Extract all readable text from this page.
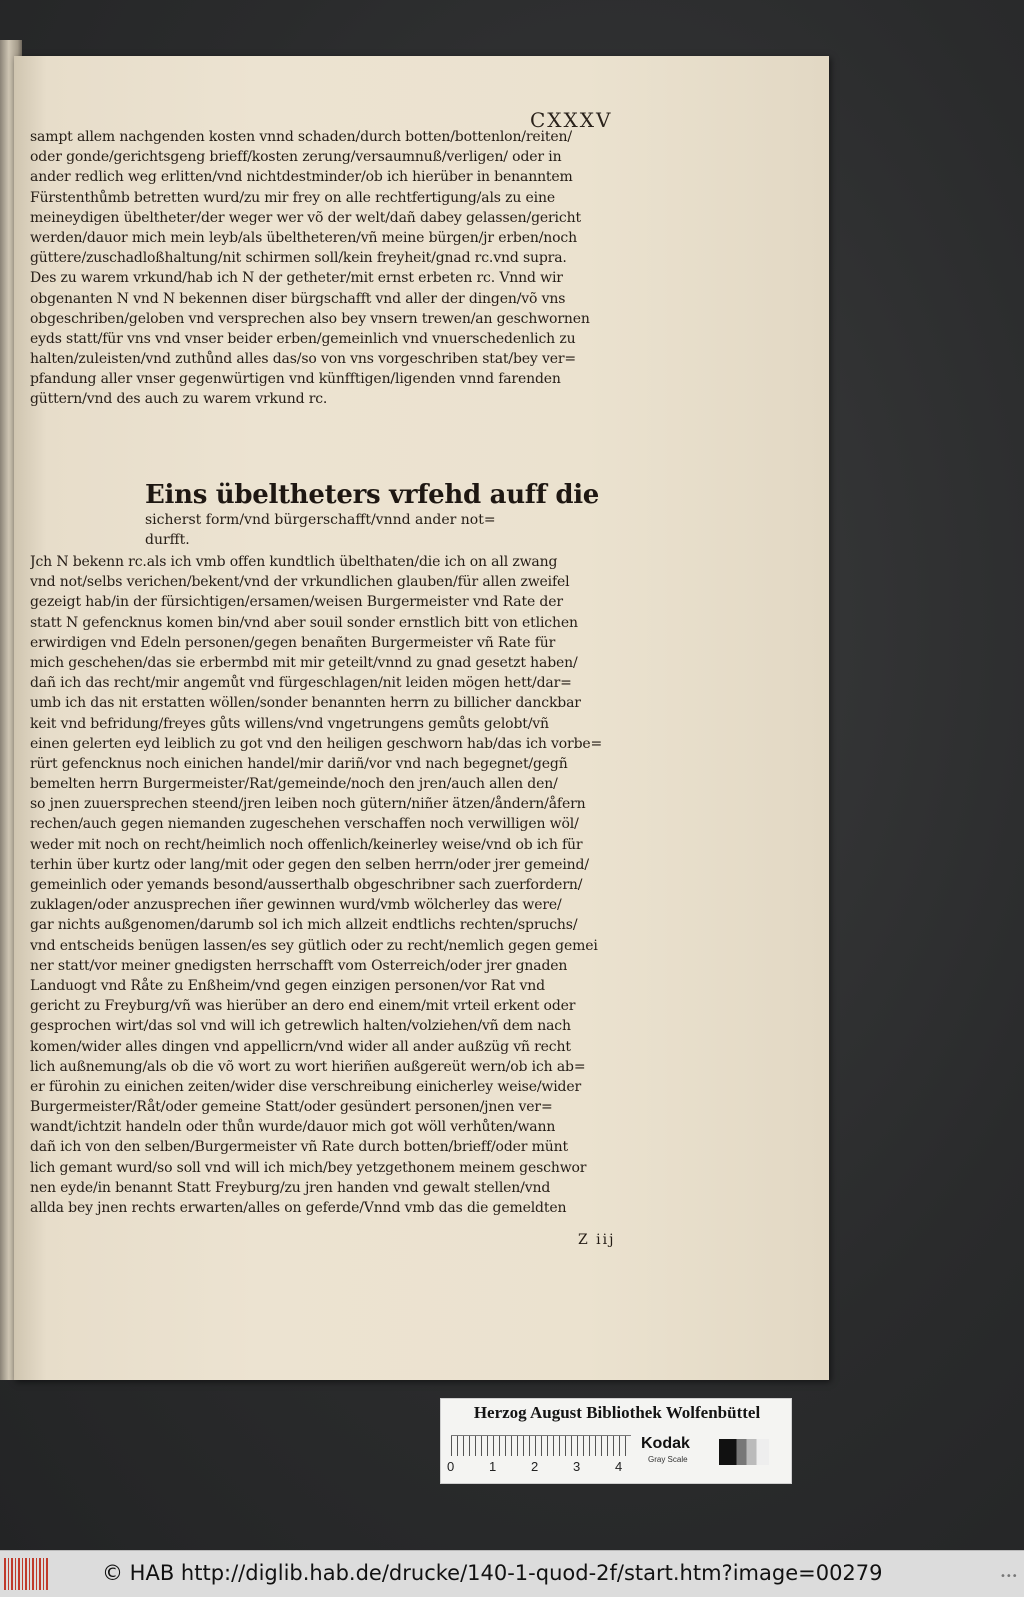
CXXXV
sampt allem nachgenden kosten vnnd schaden/durch botten/bottenlon/reiten/
oder gonde/gerichtsgeng brieff/kosten zerung/versaumnuß/verligen/ oder in
ander redlich weg erlitten/vnd nichtdestminder/ob ich hierüber in benanntem
Fürstenthůmb betretten wurd/zu mir frey on alle rechtfertigung/als zu eine
meineydigen übeltheter/der weger wer võ der welt/dañ dabey gelassen/gericht
werden/dauor mich mein leyb/als übeltheteren/vñ meine bürgen/jr erben/noch
güttere/zuschadloßhaltung/nit schirmen soll/kein freyheit/gnad rc.vnd supra.
Des zu warem vrkund/hab ich N der getheter/mit ernst erbeten rc. Vnnd wir
obgenanten N vnd N bekennen diser bürgschafft vnd aller der dingen/võ vns
obgeschriben/geloben vnd versprechen also bey vnsern trewen/an geschwornen
eyds statt/für vns vnd vnser beider erben/gemeinlich vnd vnuerschedenlich zu
halten/zuleisten/vnd zuthůnd alles das/so von vns vorgeschriben stat/bey ver=
pfandung aller vnser gegenwürtigen vnd künfftigen/ligenden vnnd farenden
güttern/vnd des auch zu warem vrkund rc.
Eins übeltheters vrfehd auff die
sicherst form/vnd bürgerschafft/vnnd ander not=
durfft.
Jch N bekenn rc.als ich vmb offen kundtlich übelthaten/die ich on all zwang
vnd not/selbs verichen/bekent/vnd der vrkundlichen glauben/für allen zweifel
gezeigt hab/in der fürsichtigen/ersamen/weisen Burgermeister vnd Rate der
statt N gefencknus komen bin/vnd aber souil sonder ernstlich bitt von etlichen
erwirdigen vnd Edeln personen/gegen benañten Burgermeister vñ Rate für
mich geschehen/das sie erbermbd mit mir geteilt/vnnd zu gnad gesetzt haben/
dañ ich das recht/mir angemůt vnd fürgeschlagen/nit leiden mögen hett/dar=
umb ich das nit erstatten wöllen/sonder benannten herrn zu billicher danckbar
keit vnd befridung/freyes gůts willens/vnd vngetrungens gemůts gelobt/vñ
einen gelerten eyd leiblich zu got vnd den heiligen geschworn hab/das ich vorbe=
rürt gefencknus noch einichen handel/mir dariñ/vor vnd nach begegnet/gegñ
bemelten herrn Burgermeister/Rat/gemeinde/noch den jren/auch allen den/
so jnen zuuersprechen steend/jren leiben noch gütern/niñer ätzen/åndern/åfern
rechen/auch gegen niemanden zugeschehen verschaffen noch verwilligen wöl/
weder mit noch on recht/heimlich noch offenlich/keinerley weise/vnd ob ich für
terhin über kurtz oder lang/mit oder gegen den selben herrn/oder jrer gemeind/
gemeinlich oder yemands besond/ausserthalb obgeschribner sach zuerfordern/
zuklagen/oder anzusprechen iñer gewinnen wurd/vmb wölcherley das were/
gar nichts außgenomen/darumb sol ich mich allzeit endtlichs rechten/spruchs/
vnd entscheids benügen lassen/es sey gütlich oder zu recht/nemlich gegen gemei
ner statt/vor meiner gnedigsten herrschafft vom Osterreich/oder jrer gnaden
Landuogt vnd Råte zu Enßheim/vnd gegen einzigen personen/vor Rat vnd
gericht zu Freyburg/vñ was hierüber an dero end einem/mit vrteil erkent oder
gesprochen wirt/das sol vnd will ich getrewlich halten/volziehen/vñ dem nach
komen/wider alles dingen vnd appellicrn/vnd wider all ander außzüg vñ recht
lich außnemung/als ob die võ wort zu wort hieriñen außgereüt wern/ob ich ab=
er fürohin zu einichen zeiten/wider dise verschreibung einicherley weise/wider
Burgermeister/Råt/oder gemeine Statt/oder gesündert personen/jnen ver=
wandt/ichtzit handeln oder thůn wurde/dauor mich got wöll verhůten/wann
dañ ich von den selben/Burgermeister vñ Rate durch botten/brieff/oder münt
lich gemant wurd/so soll vnd will ich mich/bey yetzgethonem meinem geschwor
nen eyde/in benannt Statt Freyburg/zu jren handen vnd gewalt stellen/vnd
allda bey jnen rechts erwarten/alles on geferde/Vnnd vmb das die gemeldten
Z iij
Herzog August Bibliothek Wolfenbüttel
0	1	2	3	4
Kodak
Gray Scale
© HAB http://diglib.hab.de/drucke/140-1-quod-2f/start.htm?image=00279	•••
